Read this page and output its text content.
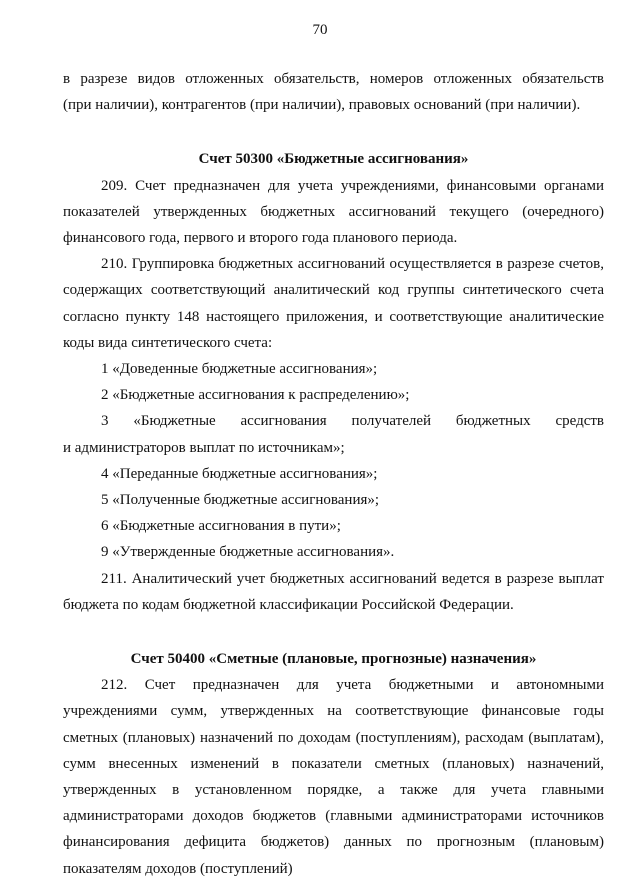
70

в разрезе видов отложенных обязательств, номеров отложенных обязательств

(при наличии), контрагентов (при наличии), правовых оснований (при наличии).

Счет 50300 «Бюджетные ассигнования»

209. Счет предназначен для учета учреждениями, финансовыми органами показателей утвержденных бюджетных ассигнований текущего (очередного) финансового года, первого и второго года планового периода.

210. Группировка бюджетных ассигнований осуществляется в разрезе счетов, содержащих соответствующий аналитический код группы синтетического счета согласно пункту 148 настоящего приложения, и соответствующие аналитические коды вида синтетического счета:

1 «Доведенные бюджетные ассигнования»;

2 «Бюджетные ассигнования к распределению»;

3 «Бюджетные ассигнования получателей бюджетных средств

и администраторов выплат по источникам»;

4 «Переданные бюджетные ассигнования»;

5 «Полученные бюджетные ассигнования»;

6 «Бюджетные ассигнования в пути»;

9 «Утвержденные бюджетные ассигнования».

211. Аналитический учет бюджетных ассигнований ведется в разрезе выплат бюджета по кодам бюджетной классификации Российской Федерации.

Счет 50400 «Сметные (плановые, прогнозные) назначения»

212. Счет предназначен для учета бюджетными и автономными учреждениями сумм, утвержденных на соответствующие финансовые годы сметных (плановых) назначений по доходам (поступлениям), расходам (выплатам), сумм внесенных изменений в показатели сметных (плановых) назначений, утвержденных в установленном порядке, а также для учета главными администраторами доходов бюджетов (главными администраторами источников финансирования дефицита бюджетов) данных по прогнозным (плановым) показателям доходов (поступлений)
